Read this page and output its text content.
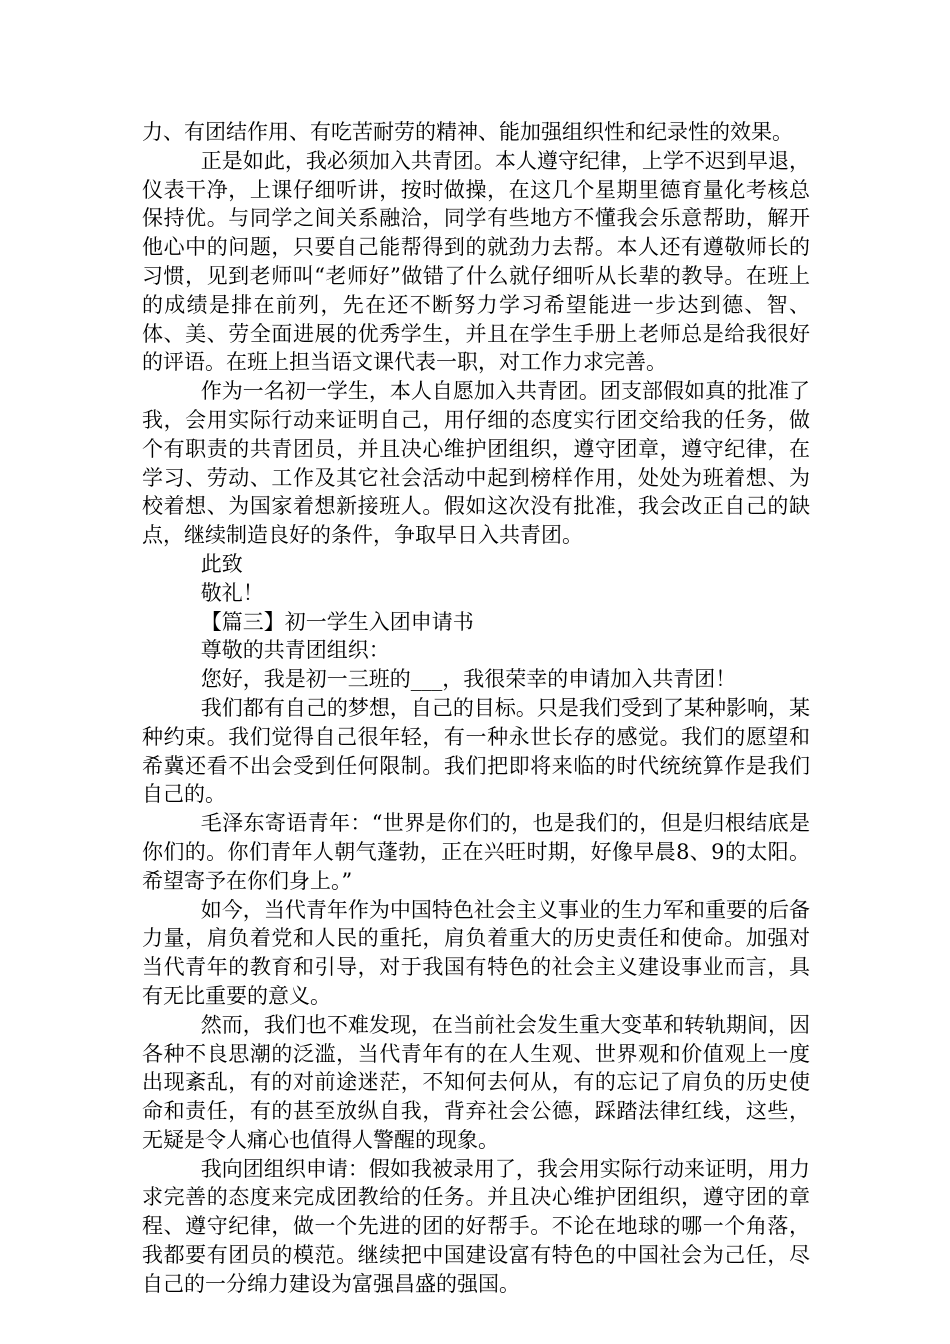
力、有团结作用、有吃苦耐劳的精神、能加强组织性和纪录性的效果。

正是如此，我必须加入共青团。本人遵守纪律，上学不迟到早退，仪表干净，上课仔细听讲，按时做操，在这几个星期里德育量化考核总保持优。与同学之间关系融洽，同学有些地方不懂我会乐意帮助，解开他心中的问题，只要自己能帮得到的就劲力去帮。本人还有遵敬师长的习惯，见到老师叫“老师好”做错了什么就仔细听从长辈的教导。在班上的成绩是排在前列，先在还不断努力学习希望能进一步达到德、智、体、美、劳全面进展的优秀学生，并且在学生手册上老师总是给我很好的评语。在班上担当语文课代表一职，对工作力求完善。

作为一名初一学生，本人自愿加入共青团。团支部假如真的批准了我，会用实际行动来证明自己，用仔细的态度实行团交给我的任务，做个有职责的共青团员，并且决心维护团组织，遵守团章，遵守纪律，在学习、劳动、工作及其它社会活动中起到榜样作用，处处为班着想、为校着想、为国家着想新接班人。假如这次没有批准，我会改正自己的缺点，继续制造良好的条件，争取早日入共青团。

此致

敬礼！

【篇三】初一学生入团申请书

尊敬的共青团组织：

您好，我是初一三班的___，我很荣幸的申请加入共青团！

我们都有自己的梦想，自己的目标。只是我们受到了某种影响，某种约束。我们觉得自己很年轻，有一种永世长存的感觉。我们的愿望和希冀还看不出会受到任何限制。我们把即将来临的时代统统算作是我们自己的。

毛泽东寄语青年：“世界是你们的，也是我们的，但是归根结底是你们的。你们青年人朝气蓬勃，正在兴旺时期，好像早晨8、9的太阳。希望寄予在你们身上。”

如今，当代青年作为中国特色社会主义事业的生力军和重要的后备力量，肩负着党和人民的重托，肩负着重大的历史责任和使命。加强对当代青年的教育和引导，对于我国有特色的社会主义建设事业而言，具有无比重要的意义。

然而，我们也不难发现，在当前社会发生重大变革和转轨期间，因各种不良思潮的泛滥，当代青年有的在人生观、世界观和价值观上一度出现紊乱，有的对前途迷茫，不知何去何从，有的忘记了肩负的历史使命和责任，有的甚至放纵自我，背弃社会公德，踩踏法律红线，这些，无疑是令人痛心也值得人警醒的现象。

我向团组织申请：假如我被录用了，我会用实际行动来证明，用力求完善的态度来完成团教给的任务。并且决心维护团组织，遵守团的章程、遵守纪律，做一个先进的团的好帮手。不论在地球的哪一个角落，我都要有团员的模范。继续把中国建设富有特色的中国社会为己任，尽自己的一分绵力建设为富强昌盛的强国。
